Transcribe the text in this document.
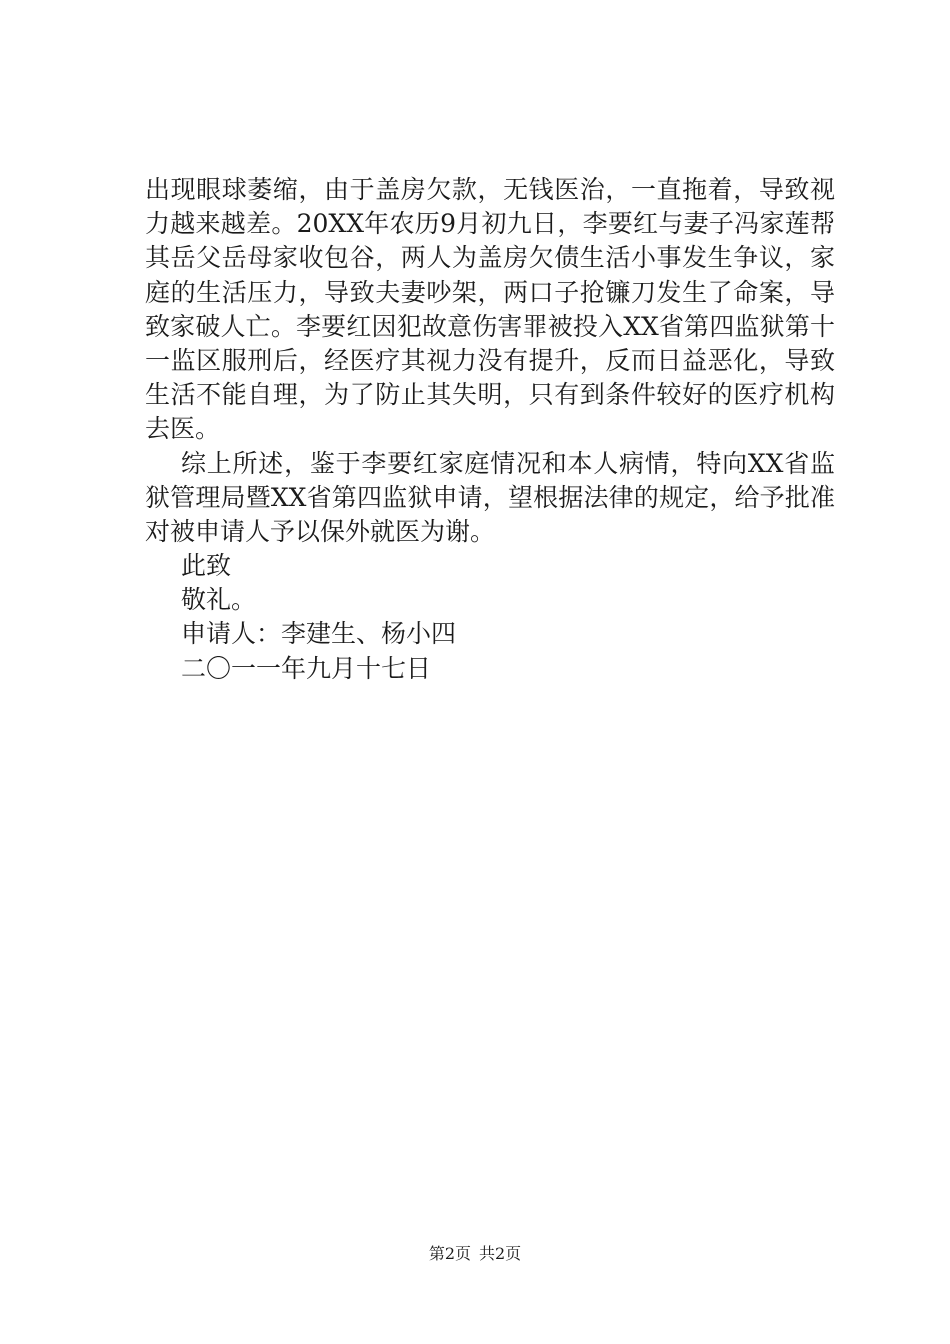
出现眼球萎缩，由于盖房欠款，无钱医治，一直拖着，导致视
力越来越差。20XX年农历9月初九日，李要红与妻子冯家莲帮
其岳父岳母家收包谷，两人为盖房欠债生活小事发生争议，家
庭的生活压力，导致夫妻吵架，两口子抢镰刀发生了命案，导
致家破人亡。李要红因犯故意伤害罪被投入XX省第四监狱第十
一监区服刑后，经医疗其视力没有提升，反而日益恶化，导致
生活不能自理，为了防止其失明，只有到条件较好的医疗机构
去医。
综上所述，鉴于李要红家庭情况和本人病情，特向XX省监
狱管理局暨XX省第四监狱申请，望根据法律的规定，给予批准
对被申请人予以保外就医为谢。
此致
敬礼。
申请人：李建生、杨小四
二〇一一年九月十七日
第2页 共2页
